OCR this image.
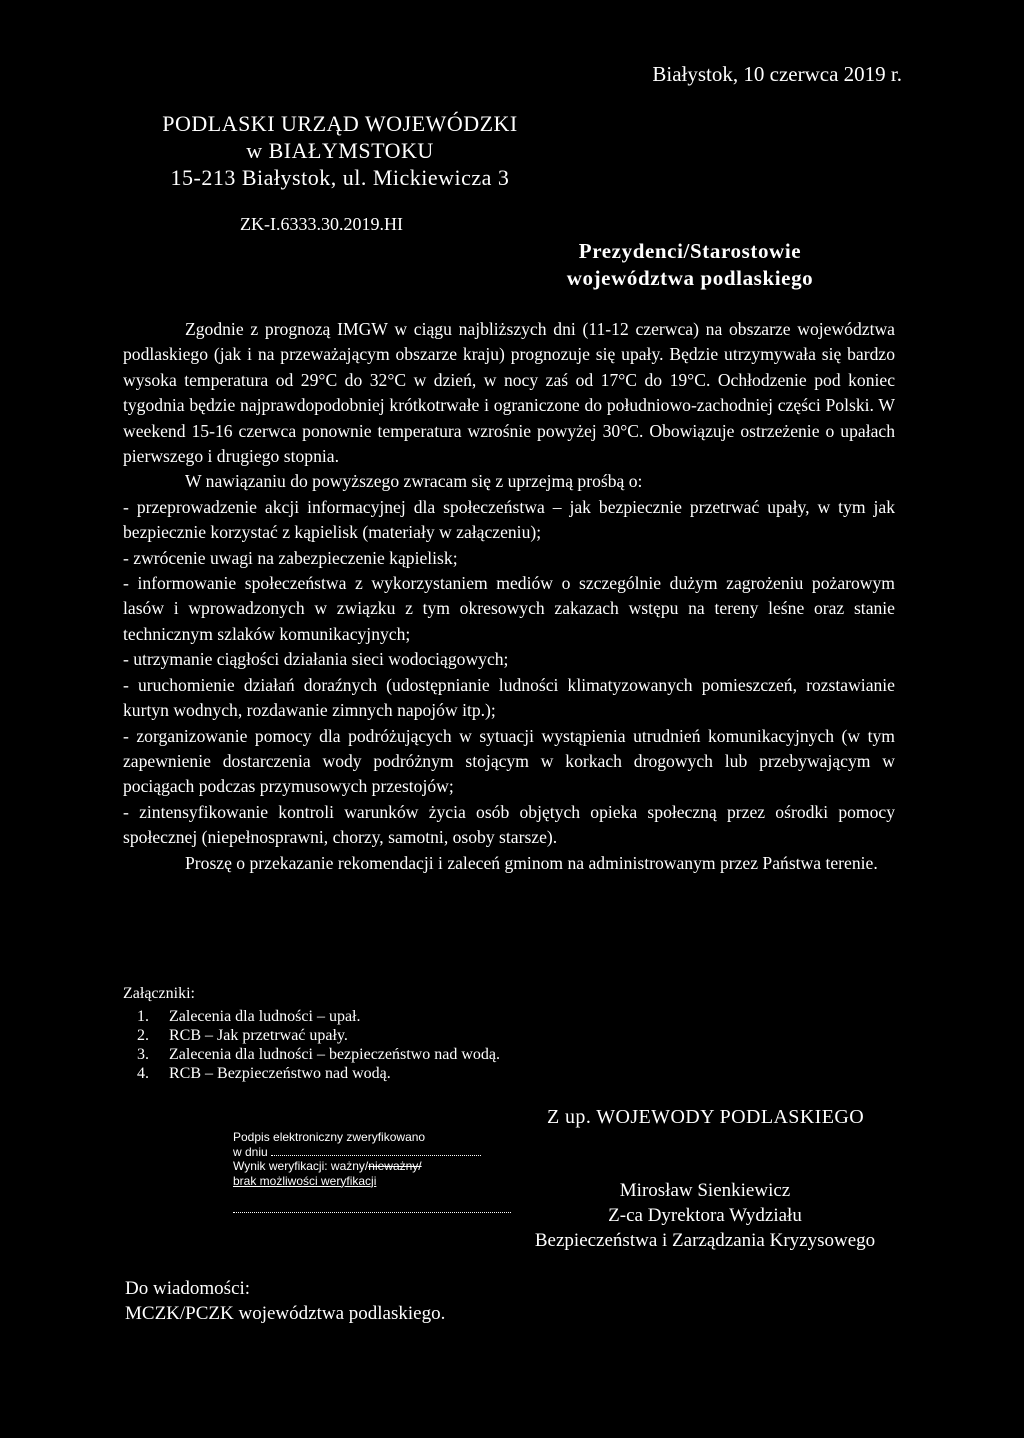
Białystok, 10 czerwca 2019 r.
PODLASKI URZĄD WOJEWÓDZKI
w BIAŁYMSTOKU
15-213 Białystok, ul. Mickiewicza 3
ZK-I.6333.30.2019.HI
Prezydenci/Starostowie
województwa podlaskiego

Zgodnie z prognozą IMGW w ciągu najbliższych dni (11-12 czerwca) na obszarze województwa podlaskiego (jak i na przeważającym obszarze kraju) prognozuje się upały. Będzie utrzymywała się bardzo wysoka temperatura od 29°C do 32°C w dzień, w nocy zaś od 17°C do 19°C. Ochłodzenie pod koniec tygodnia będzie najprawdopodobniej krótkotrwałe i ograniczone do południowo-zachodniej części Polski. W weekend 15-16 czerwca ponownie temperatura wzrośnie powyżej 30°C. Obowiązuje ostrzeżenie o upałach pierwszego i drugiego stopnia.

W nawiązaniu do powyższego zwracam się z uprzejmą prośbą o:

- przeprowadzenie akcji informacyjnej dla społeczeństwa – jak bezpiecznie przetrwać upały, w tym jak bezpiecznie korzystać z kąpielisk (materiały w załączeniu);

- zwrócenie uwagi na zabezpieczenie kąpielisk;

- informowanie społeczeństwa z wykorzystaniem mediów o szczególnie dużym zagrożeniu pożarowym lasów i wprowadzonych w związku z tym okresowych zakazach wstępu na tereny leśne oraz stanie technicznym szlaków komunikacyjnych;

- utrzymanie ciągłości działania sieci wodociągowych;

- uruchomienie działań doraźnych (udostępnianie ludności klimatyzowanych pomieszczeń, rozstawianie kurtyn wodnych, rozdawanie zimnych napojów itp.);

- zorganizowanie pomocy dla podróżujących w sytuacji wystąpienia utrudnień komunikacyjnych (w tym zapewnienie dostarczenia wody podróżnym stojącym w korkach drogowych lub przebywającym w pociągach podczas przymusowych przestojów;

- zintensyfikowanie kontroli warunków życia osób objętych opieka społeczną przez ośrodki pomocy społecznej (niepełnosprawni, chorzy, samotni, osoby starsze).

Proszę o przekazanie rekomendacji i zaleceń gminom na administrowanym przez Państwa terenie.

Załączniki:
1. Zalecenia dla ludności – upał.
2. RCB – Jak przetrwać upały.
3. Zalecenia dla ludności – bezpieczeństwo nad wodą.
4. RCB – Bezpieczeństwo nad wodą.
Podpis elektroniczny zweryfikowano
w dniu
Wynik weryfikacji: ważny/nieważny/
brak możliwości weryfikacji
Z up. WOJEWODY PODLASKIEGO
Mirosław Sienkiewicz
Z-ca Dyrektora Wydziału
Bezpieczeństwa i Zarządzania Kryzysowego
Do wiadomości:
MCZK/PCZK województwa podlaskiego.
